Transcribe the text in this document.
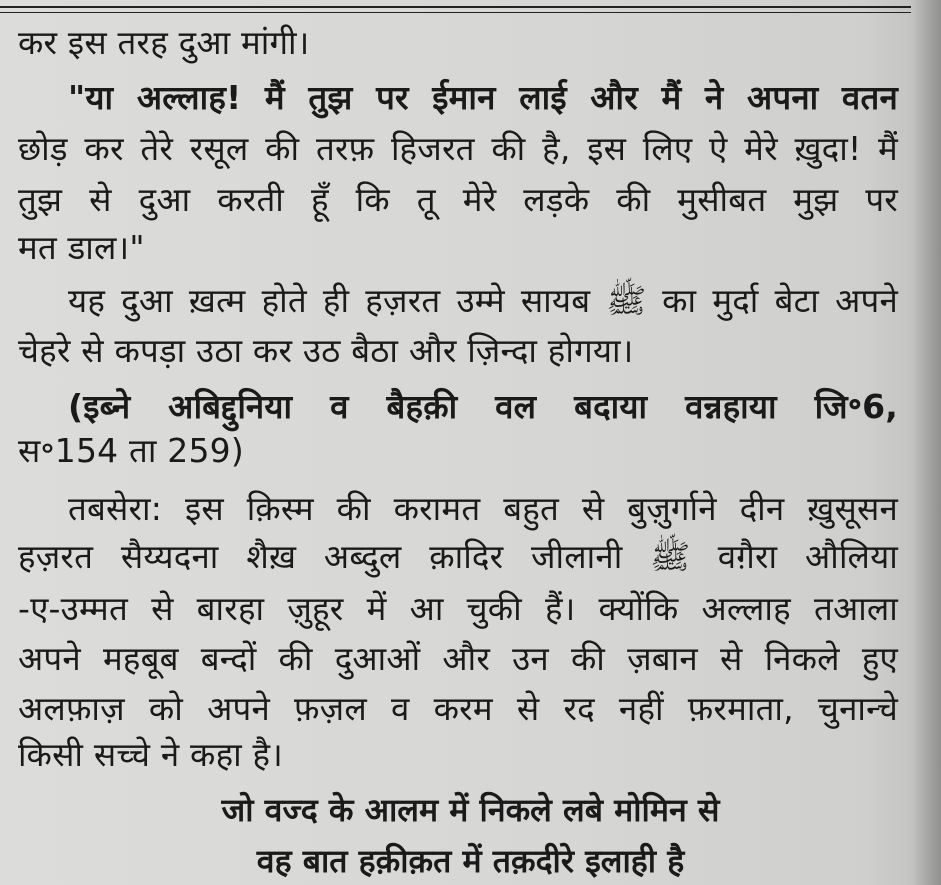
कर इस तरह दुआ मांगी।
"या अल्लाह! मैं तुझ पर ईमान लाई और मैं ने अपना वतन
छोड़ कर तेरे रसूल की तरफ़ हिजरत की है, इस लिए ऐ मेरे ख़ुदा! मैं
तुझ से दुआ करती हूँ कि तू मेरे लड़के की मुसीबत मुझ पर
मत डाल।"
यह दुआ ख़त्म होते ही हज़रत उम्मे सायब ﷺ का मुर्दा बेटा अपने
चेहरे से कपड़ा उठा कर उठ बैठा और ज़िन्दा होगया।
(इब्ने अबिद्दुनिया व बैहक़ी वल बदाया वन्नहाया जि॰6,
स॰154 ता 259)
तबसेरा: इस क़िस्म की करामत बहुत से बुज़ुर्गाने दीन ख़ुसूसन
हज़रत सैय्यदना शैख़ अब्दुल क़ादिर जीलानी ﷺ वग़ैरा औलिया
-ए-उम्मत से बारहा ज़ुहूर में आ चुकी हैं। क्योंकि अल्लाह तआला
अपने महबूब बन्दों की दुआओं और उन की ज़बान से निकले हुए
अलफ़ाज़ को अपने फ़ज़ल व करम से रद नहीं फ़रमाता, चुनान्चे
किसी सच्चे ने कहा है।
जो वज्द के आलम में निकले लबे मोमिन से
वह बात हक़ीक़त में तक़दीरे इलाही है
